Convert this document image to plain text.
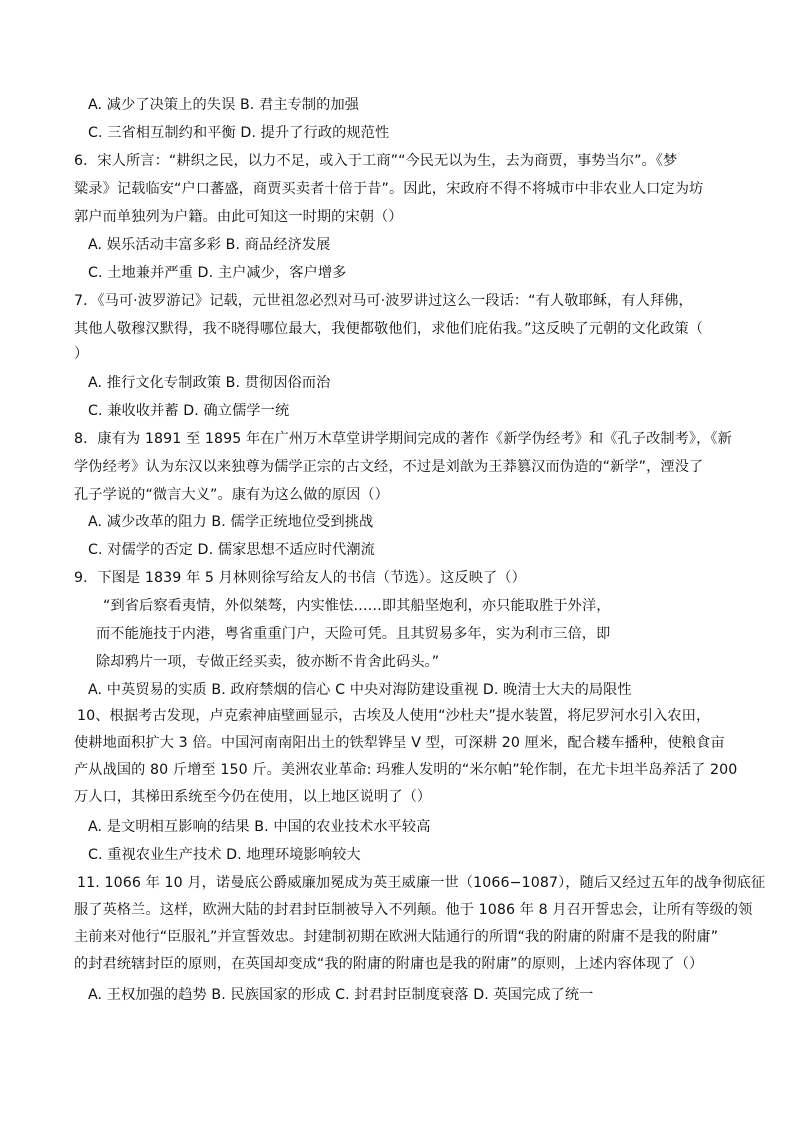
A. 减少了决策上的失误 B. 君主专制的加强
C. 三省相互制约和平衡 D. 提升了行政的规范性
6．宋人所言：“耕织之民，以力不足，或入于工商”“今民无以为生，去为商贾，事势当尔”。《梦
粱录》记载临安“户口蕃盛，商贾买卖者十倍于昔”。因此，宋政府不得不将城市中非农业人口定为坊
郭户而单独列为户籍。由此可知这一时期的宋朝（）
A. 娱乐活动丰富多彩 B. 商品经济发展
C. 土地兼并严重 D. 主户减少，客户增多
7．《马可·波罗游记》记载，元世祖忽必烈对马可·波罗讲过这么一段话：“有人敬耶稣，有人拜佛，
其他人敬穆汉默得，我不晓得哪位最大，我便都敬他们，求他们庇佑我。”这反映了元朝的文化政策（
）
A. 推行文化专制政策 B. 贯彻因俗而治
C. 兼收收并蓄 D. 确立儒学一统
8．康有为 1891 至 1895 年在广州万木草堂讲学期间完成的著作《新学伪经考》和《孔子改制考》，《新
学伪经考》认为东汉以来独尊为儒学正宗的古文经，不过是刘歆为王莽篡汉而伪造的“新学”，湮没了
孔子学说的“微言大义”。康有为这么做的原因（）
A. 减少改革的阻力 B. 儒学正统地位受到挑战
C. 对儒学的否定 D. 儒家思想不适应时代潮流
9．下图是 1839 年 5 月林则徐写给友人的书信（节选）。这反映了（）
“到省后察看夷情，外似桀骜，内实惟怯……即其船坚炮利，亦只能取胜于外洋，
而不能施技于内港，粤省重重门户，天险可凭。且其贸易多年，实为利市三倍，即
除却鸦片一项，专做正经买卖，彼亦断不肯舍此码头。”
A. 中英贸易的实质 B. 政府禁烟的信心 C 中央对海防建设重视 D. 晚清士大夫的局限性
10、根据考古发现，卢克索神庙壁画显示，古埃及人使用“沙杜夫”提水装置，将尼罗河水引入农田，
使耕地面积扩大 3 倍。中国河南南阳出土的铁犁铧呈 V 型，可深耕 20 厘米，配合耧车播种，使粮食亩
产从战国的 80 斤增至 150 斤。美洲农业革命: 玛雅人发明的“米尔帕”轮作制，在尤卡坦半岛养活了 200
万人口，其梯田系统至今仍在使用，以上地区说明了（）
A. 是文明相互影响的结果 B. 中国的农业技术水平较高
C. 重视农业生产技术 D. 地理环境影响较大
11. 1066 年 10 月，诺曼底公爵威廉加冕成为英王威廉一世（1066−1087），随后又经过五年的战争彻底征
服了英格兰。这样，欧洲大陆的封君封臣制被导入不列颠。他于 1086 年 8 月召开誓忠会，让所有等级的领
主前来对他行“臣服礼”并宣誓效忠。封建制初期在欧洲大陆通行的所谓“我的附庸的附庸不是我的附庸”
的封君统辖封臣的原则，在英国却变成“我的附庸的附庸也是我的附庸”的原则，上述内容体现了（）
A. 王权加强的趋势 B. 民族国家的形成 C. 封君封臣制度衰落 D. 英国完成了统一
